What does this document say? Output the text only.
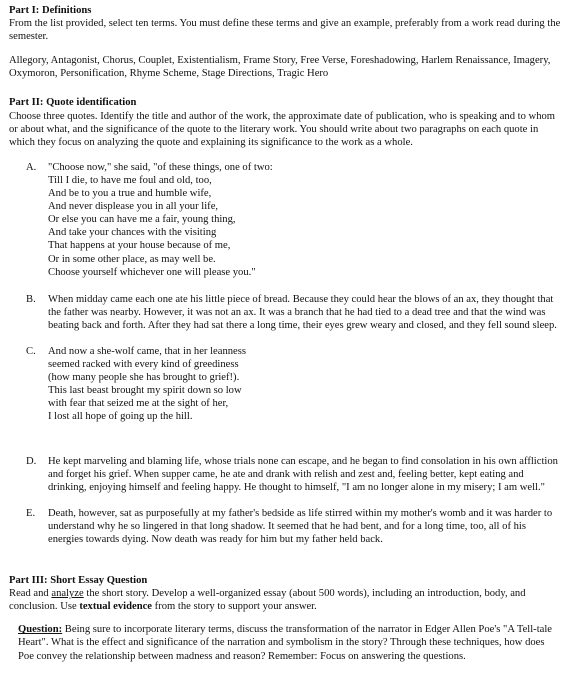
Part I: Definitions

From the list provided, select ten terms. You must define these terms and give an example, preferably from a work read during the semester.

Allegory, Antagonist, Chorus, Couplet, Existentialism, Frame Story, Free Verse, Foreshadowing, Harlem Renaissance, Imagery, Oxymoron, Personification, Rhyme Scheme, Stage Directions, Tragic Hero

Part II: Quote identification

Choose three quotes. Identify the title and author of the work, the approximate date of publication, who is speaking and to whom or about what, and the significance of the quote to the literary work. You should write about two paragraphs on each quote in which they focus on analyzing the quote and explaining its significance to the work as a whole.

A.	"Choose now," she said, "of these things, one of two:

Till I die, to have me foul and old, too,

And be to you a true and humble wife,

And never displease you in all your life,

Or else you can have me a fair, young thing,

And take your chances with the visiting

That happens at your house because of me,

Or in some other place, as may well be.

Choose yourself whichever one will please you."

B.	When midday came each one ate his little piece of bread. Because they could hear the blows of an ax, they thought that the father was nearby. However, it was not an ax. It was a branch that he had tied to a dead tree and that the wind was beating back and forth. After they had sat there a long time, their eyes grew weary and closed, and they fell sound sleep.

C.	And now a she-wolf came, that in her leanness

seemed racked with every kind of greediness

(how many people she has brought to grief!).

This last beast brought my spirit down so low

with fear that seized me at the sight of her,

I lost all hope of going up the hill.

D.	He kept marveling and blaming life, whose trials none can escape, and he began to find consolation in his own affliction and forget his grief. When supper came, he ate and drank with relish and zest and, feeling better, kept eating and drinking, enjoying himself and feeling happy. He thought to himself, "I am no longer alone in my misery; I am well."

E.	Death, however, sat as purposefully at my father's bedside as life stirred within my mother's womb and it was harder to understand why he so lingered in that long shadow. It seemed that he had bent, and for a long time, too, all of his energies towards dying. Now death was ready for him but my father held back.

Part III: Short Essay Question

Read and analyze the short story. Develop a well-organized essay (about 500 words), including an introduction, body, and conclusion. Use textual evidence from the story to support your answer.

Question: Being sure to incorporate literary terms, discuss the transformation of the narrator in Edger Allen Poe's "A Tell-tale Heart". What is the effect and significance of the narration and symbolism in the story? Through these techniques, how does Poe convey the relationship between madness and reason? Remember: Focus on answering the questions.
